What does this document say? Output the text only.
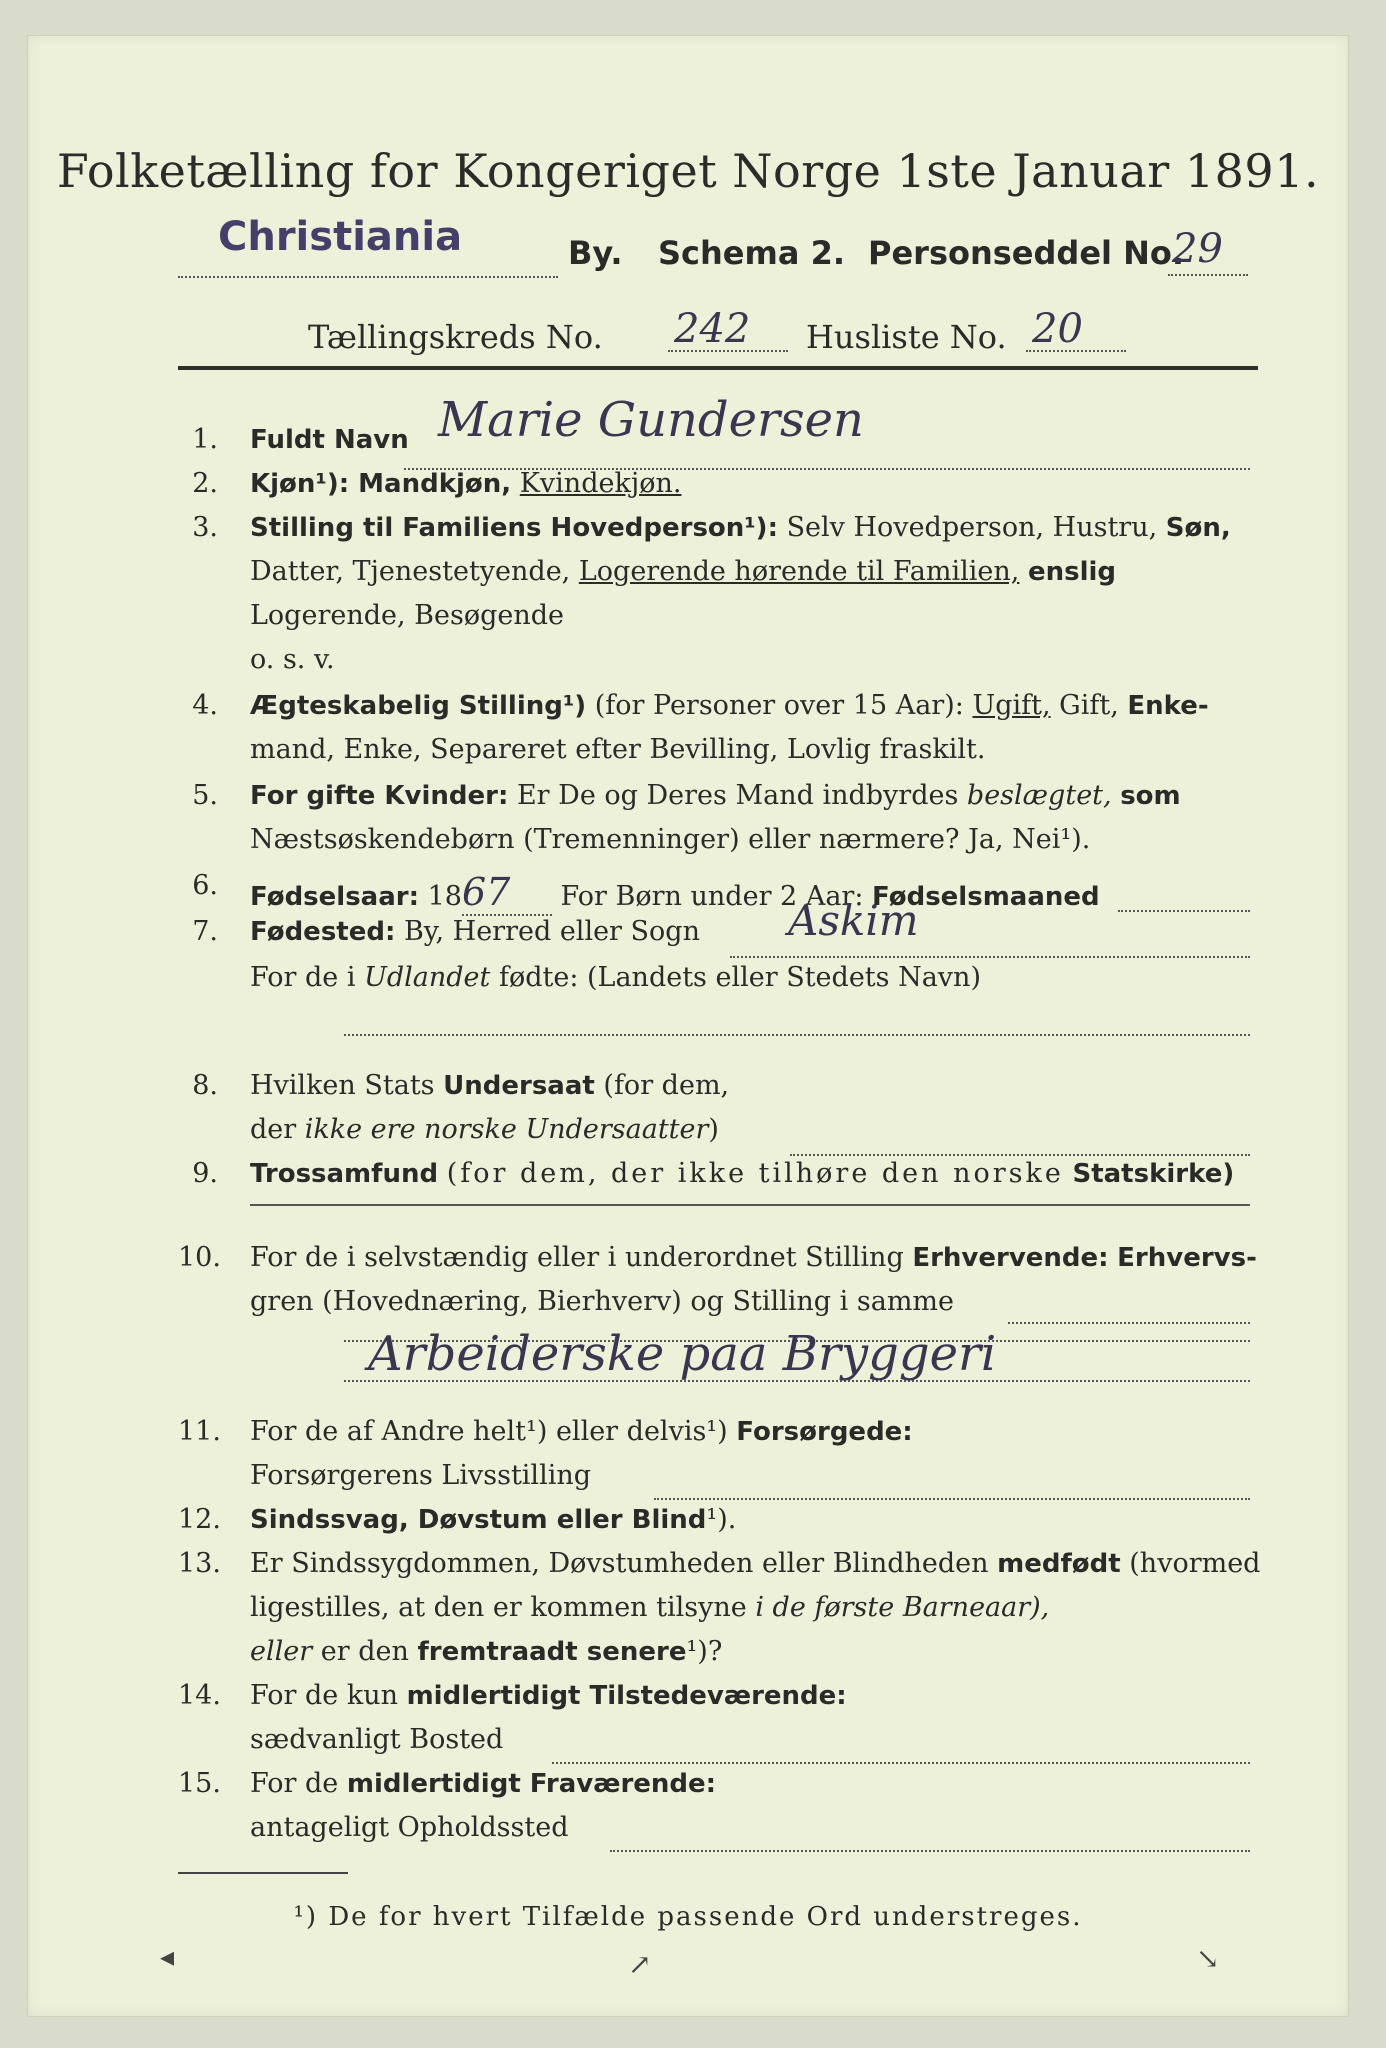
Folketælling for Kongeriget Norge 1ste Januar 1891.
Christiania	By. Schema 2. Personseddel No.
29
Tællingskreds No. 242 Husliste No. 20
1. Fuldt Navn Marie Gundersen
2. Kjøn¹): Mandkjøn, Kvindekjøn.
3. Stilling til Familiens Hovedperson¹): Selv Hovedperson, Hustru, Søn,
Datter, Tjenestetyende, Logerende hørende til Familien, enslig
Logerende, Besøgende
o. s. v.
4. Ægteskabelig Stilling¹) (for Personer over 15 Aar): Ugift, Gift, Enke-
mand, Enke, Separeret efter Bevilling, Lovlig fraskilt.
5. For gifte Kvinder: Er De og Deres Mand indbyrdes beslægtet, som
Næstsøskendebørn (Tremenninger) eller nærmere? Ja, Nei¹).
6. Fødselsaar: 1867 For Børn under 2 Aar: Fødselsmaaned
7. Fødested: By, Herred eller Sogn Askim
For de i Udlandet fødte: (Landets eller Stedets Navn)
8. Hvilken Stats Undersaat (for dem,
der ikke ere norske Undersaatter)
9. Trossamfund (for dem, der ikke tilhøre den norske Statskirke)
10. For de i selvstændig eller i underordnet Stilling Erhvervende: Erhvervs-
gren (Hovednæring, Bierhverv) og Stilling i samme
Arbeiderske paa Bryggeri
11. For de af Andre helt¹) eller delvis¹) Forsørgede:
Forsørgerens Livsstilling
12. Sindssvag, Døvstum eller Blind¹).
13. Er Sindssygdommen, Døvstumheden eller Blindheden medfødt (hvormed
ligestilles, at den er kommen tilsyne i de første Barneaar),
eller er den fremtraadt senere¹)?
14. For de kun midlertidigt Tilstedeværende:
sædvanligt Bosted
15. For de midlertidigt Fraværende:
antageligt Opholdssted
¹) De for hvert Tilfælde passende Ord understreges.
◂	↗	↘
